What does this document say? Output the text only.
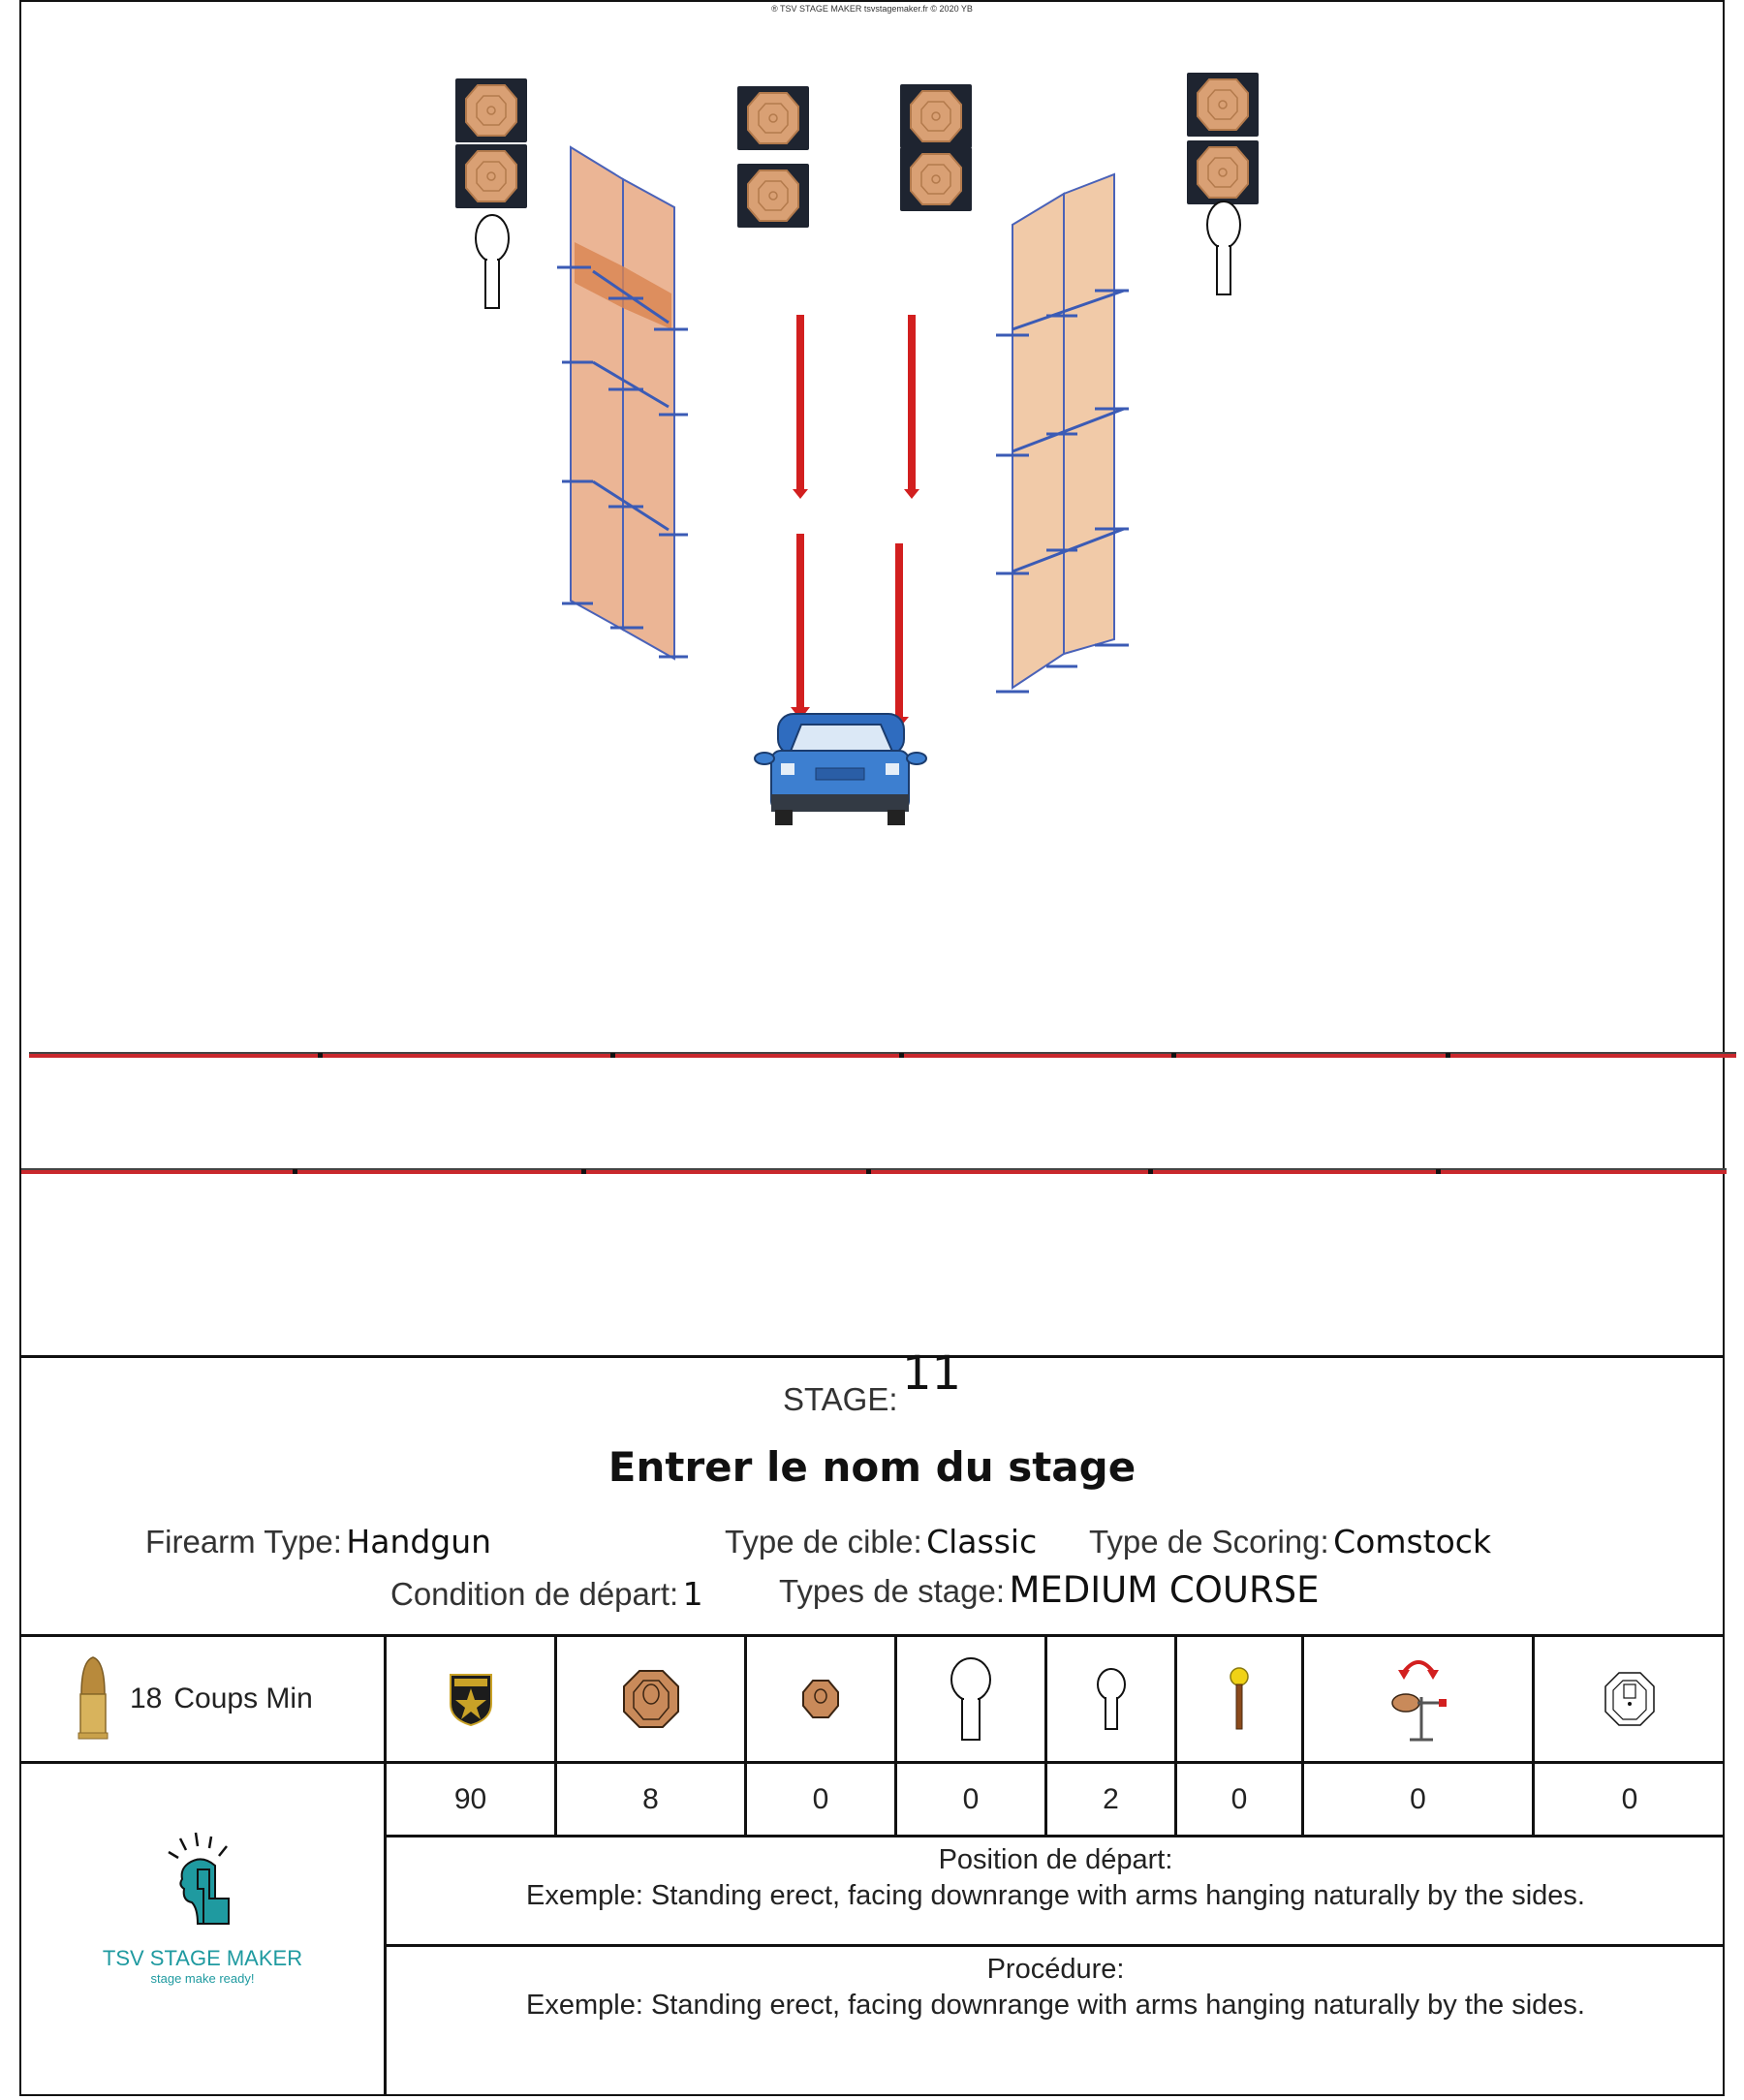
® TSV STAGE MAKER tsvstagemaker.fr © 2020 YB
STAGE: 11
Entrer le nom du stage
Firearm Type: Handgun	Type de cible: Classic Type de Scoring: Comstock
Condition de départ: 1 Types de stage: MEDIUM COURSE
18 Coups Min
90	8	0	0	2	0	0	0
Position de départ:
Exemple: Standing erect, facing downrange with arms hanging naturally by the sides.
Procédure:
Exemple: Standing erect, facing downrange with arms hanging naturally by the sides.
TSV STAGE MAKER
stage make ready!
